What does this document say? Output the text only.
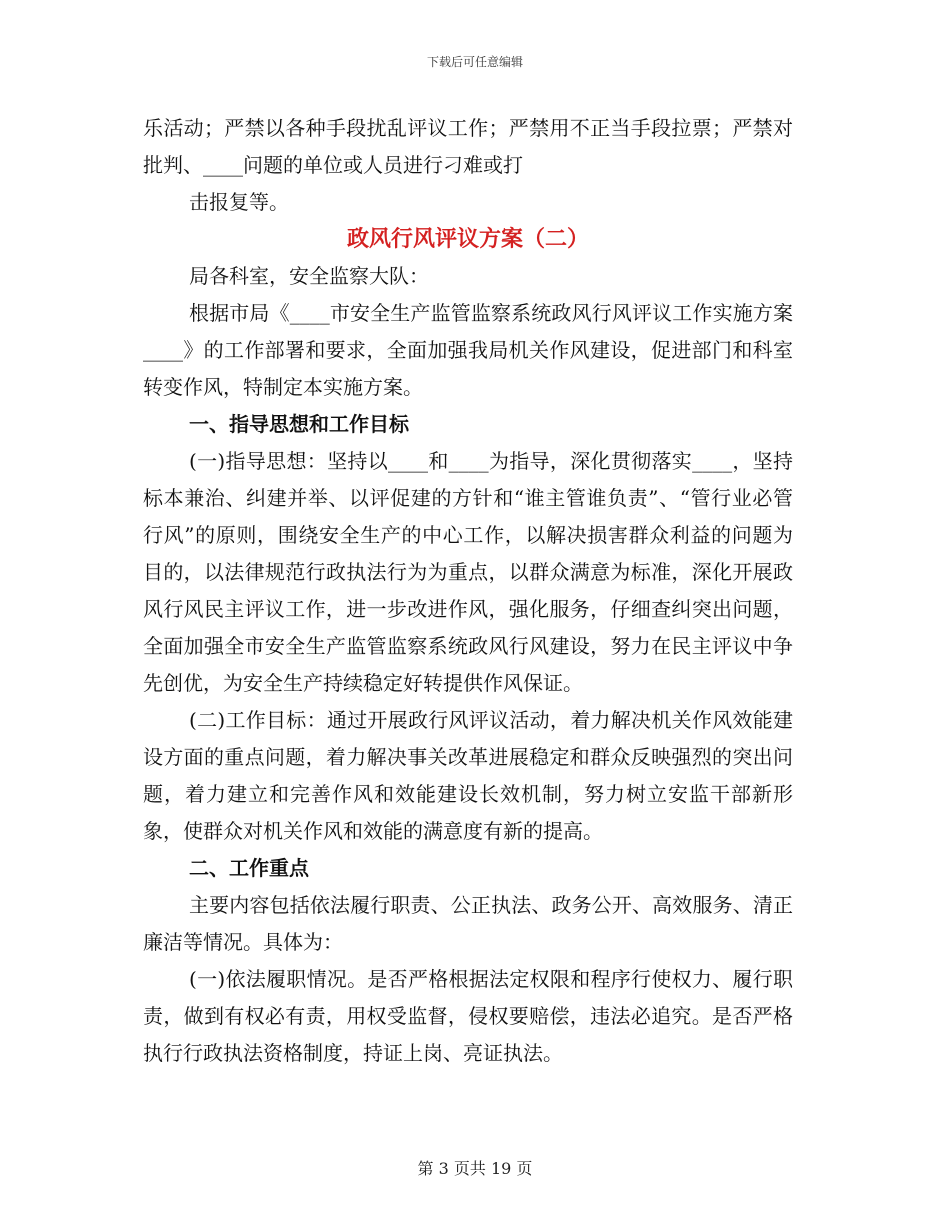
下载后可任意编辑

乐活动；严禁以各种手段扰乱评议工作；严禁用不正当手段拉票；严禁对批判、____问题的单位或人员进行刁难或打

击报复等。

政风行风评议方案（二）

局各科室，安全监察大队：

根据市局《____市安全生产监管监察系统政风行风评议工作实施方案____》的工作部署和要求，全面加强我局机关作风建设，促进部门和科室转变作风，特制定本实施方案。

一、指导思想和工作目标

(一)指导思想：坚持以____和____为指导，深化贯彻落实____，坚持标本兼治、纠建并举、以评促建的方针和“谁主管谁负责”、“管行业必管行风”的原则，围绕安全生产的中心工作，以解决损害群众利益的问题为目的，以法律规范行政执法行为为重点，以群众满意为标准，深化开展政风行风民主评议工作，进一步改进作风，强化服务，仔细查纠突出问题，全面加强全市安全生产监管监察系统政风行风建设，努力在民主评议中争先创优，为安全生产持续稳定好转提供作风保证。

(二)工作目标：通过开展政行风评议活动，着力解决机关作风效能建设方面的重点问题，着力解决事关改革进展稳定和群众反映强烈的突出问题，着力建立和完善作风和效能建设长效机制，努力树立安监干部新形象，使群众对机关作风和效能的满意度有新的提高。

二、工作重点

主要内容包括依法履行职责、公正执法、政务公开、高效服务、清正廉洁等情况。具体为：

(一)依法履职情况。是否严格根据法定权限和程序行使权力、履行职责，做到有权必有责，用权受监督，侵权要赔偿，违法必追究。是否严格执行行政执法资格制度，持证上岗、亮证执法。

第 3 页共 19 页
